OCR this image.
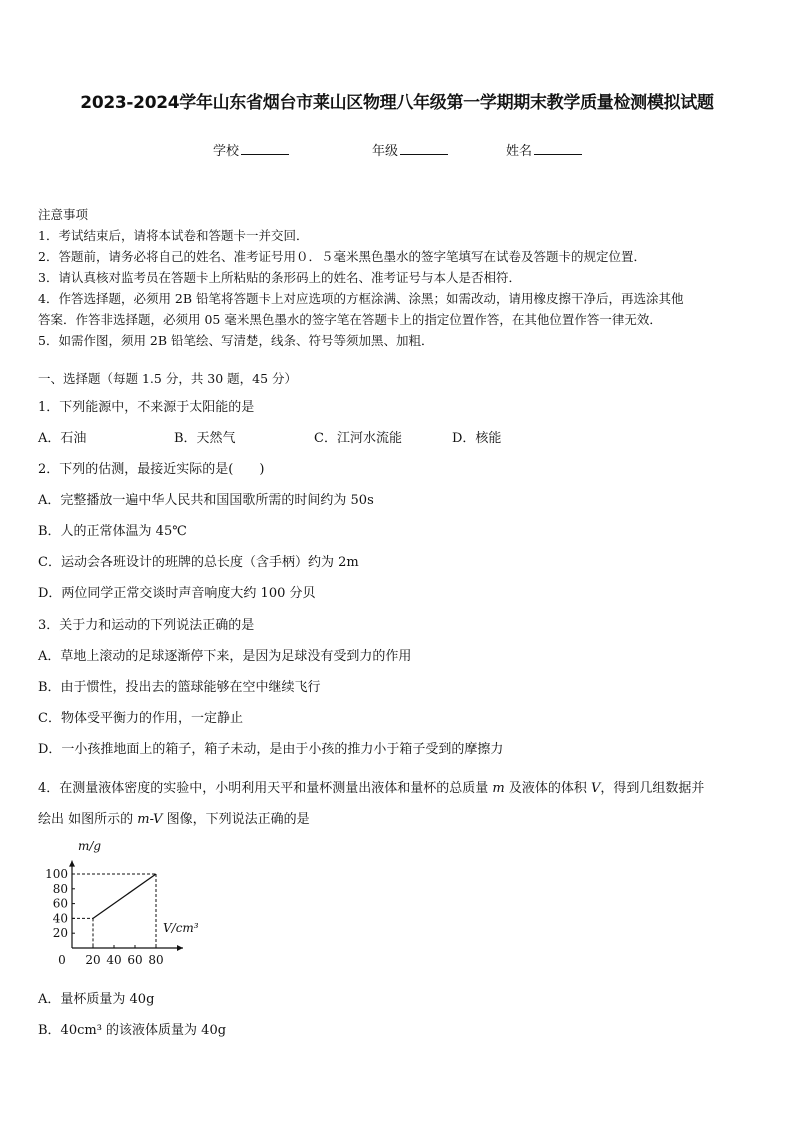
2023-2024学年山东省烟台市莱山区物理八年级第一学期期末教学质量检测模拟试题
学校	年级	姓名
注意事项
1．考试结束后，请将本试卷和答题卡一并交回．
2．答题前，请务必将自己的姓名、准考证号用０．５毫米黑色墨水的签字笔填写在试卷及答题卡的规定位置．
3．请认真核对监考员在答题卡上所粘贴的条形码上的姓名、准考证号与本人是否相符．
4．作答选择题，必须用 2B 铅笔将答题卡上对应选项的方框涂满、涂黑；如需改动，请用橡皮擦干净后，再选涂其他
答案．作答非选择题，必须用 05 毫米黑色墨水的签字笔在答题卡上的指定位置作答，在其他位置作答一律无效．
5．如需作图，须用 2B 铅笔绘、写清楚，线条、符号等须加黑、加粗．
一、选择题（每题 1.5 分，共 30 题，45 分）
1．下列能源中，不来源于太阳能的是
A．石油	B．天然气	C．江河水流能	D．核能
2．下列的估测，最接近实际的是(　　)
A．完整播放一遍中华人民共和国国歌所需的时间约为 50s
B．人的正常体温为 45℃
C．运动会各班设计的班牌的总长度（含手柄）约为 2m
D．两位同学正常交谈时声音响度大约 100 分贝
3．关于力和运动的下列说法正确的是
A．草地上滚动的足球逐渐停下来，是因为足球没有受到力的作用
B．由于惯性，投出去的篮球能够在空中继续飞行
C．物体受平衡力的作用，一定静止
D．一小孩推地面上的箱子，箱子未动，是由于小孩的推力小于箱子受到的摩擦力
4．在测量液体密度的实验中，小明利用天平和量杯测量出液体和量杯的总质量 m 及液体的体积 V，得到几组数据并
绘出 如图所示的 m-V 图像，下列说法正确的是
20
40
60
80
100
0 20 40 60 80
m/g
V/cm³
A．量杯质量为 40g
B．40cm³ 的该液体质量为 40g
